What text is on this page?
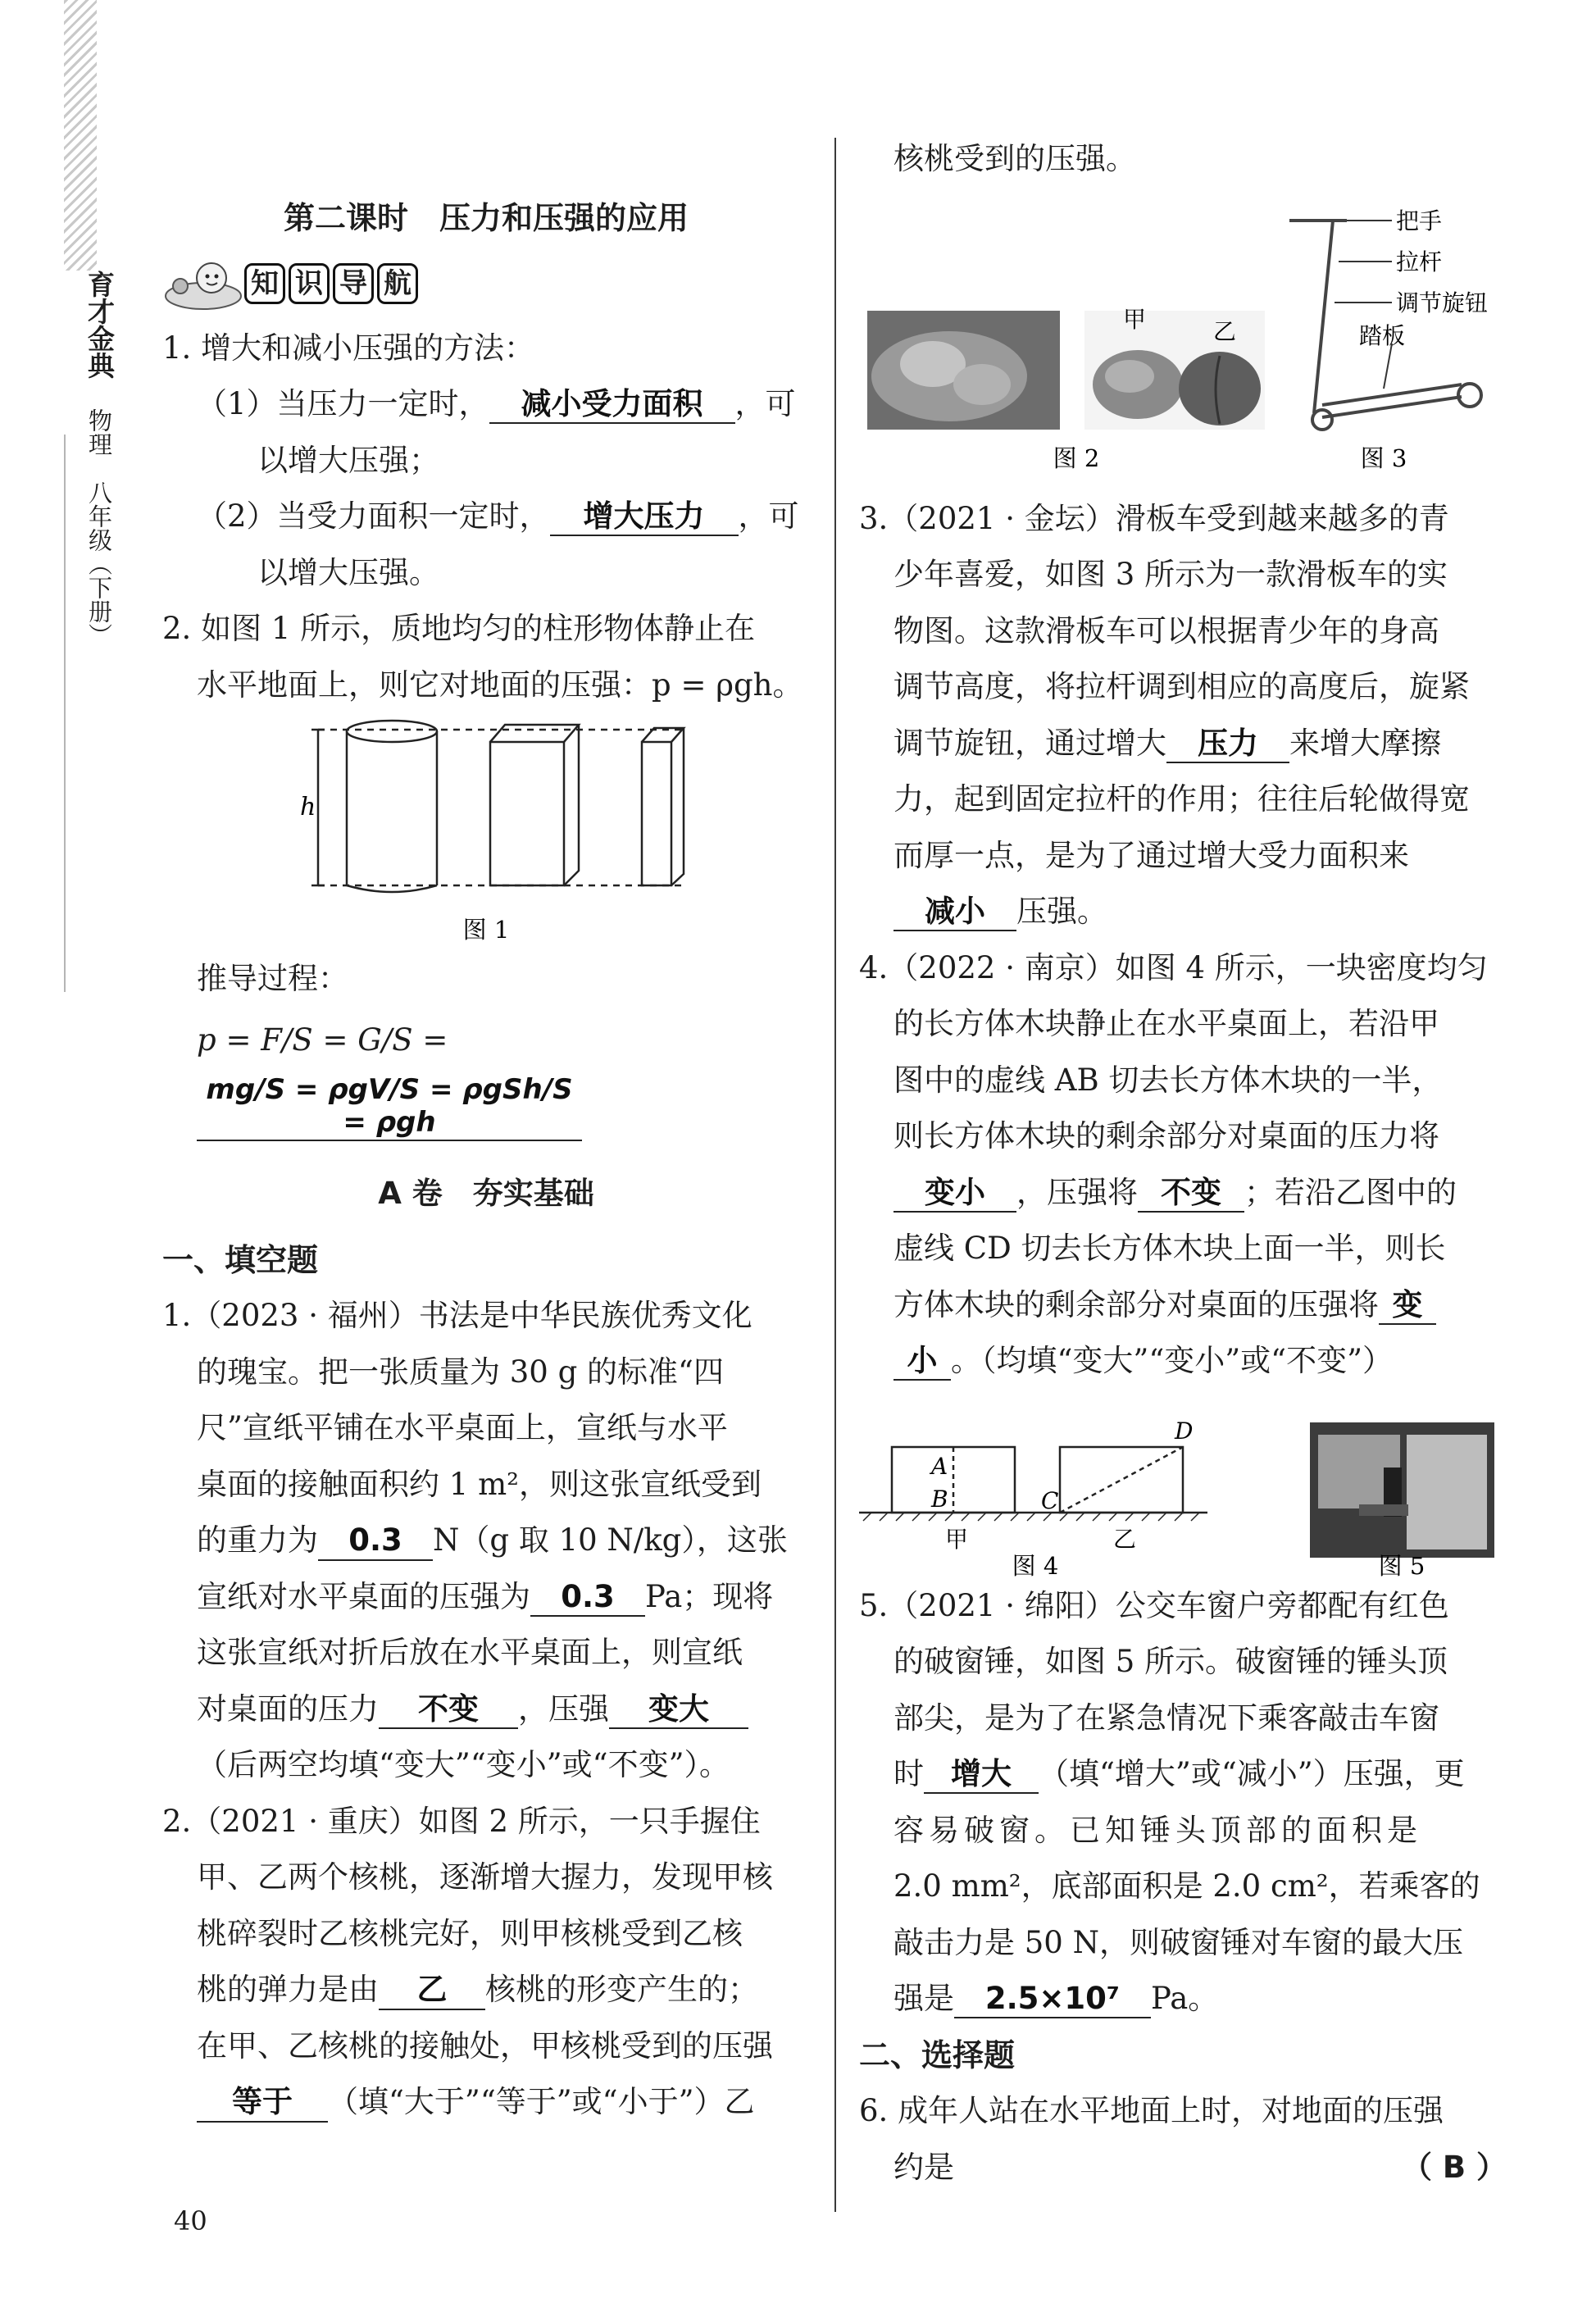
育才金典
物理
八年级（下册）

第二课时　压力和压强的应用

知 识 导 航

1. 增大和减小压强的方法：

（1）当压力一定时， 减小受力面积 ，可

以增大压强；

（2）当受力面积一定时， 增大压力 ，可

以增大压强。

2. 如图 1 所示，质地均匀的柱形物体静止在

水平地面上，则它对地面的压强：p = ρgh。

h
图 1

推导过程：

p = F/S = G/S = mg/S = ρgV/S = ρgSh/S = ρgh

A 卷　夯实基础

一、填空题

1.（2023 · 福州）书法是中华民族优秀文化

的瑰宝。把一张质量为 30 g 的标准“四

尺”宣纸平铺在水平桌面上，宣纸与水平

桌面的接触面积约 1 m²，则这张宣纸受到

的重力为 0.3 N（g 取 10 N/kg），这张

宣纸对水平桌面的压强为 0.3 Pa；现将

这张宣纸对折后放在水平桌面上，则宣纸

对桌面的压力 不变 ，压强 变大

（后两空均填“变大”“变小”或“不变”）。

2.（2021 · 重庆）如图 2 所示，一只手握住

甲、乙两个核桃，逐渐增大握力，发现甲核

桃碎裂时乙核桃完好，则甲核桃受到乙核

桃的弹力是由 乙 核桃的形变产生的；

在甲、乙核桃的接触处，甲核桃受到的压强

等于 （填“大于”“等于”或“小于”）乙

核桃受到的压强。

甲	乙
图 2
把手
拉杆
调节旋钮
踏板
图 3

3.（2021 · 金坛）滑板车受到越来越多的青

少年喜爱，如图 3 所示为一款滑板车的实

物图。这款滑板车可以根据青少年的身高

调节高度，将拉杆调到相应的高度后，旋紧

调节旋钮，通过增大 压力 来增大摩擦

力，起到固定拉杆的作用；往往后轮做得宽

而厚一点，是为了通过增大受力面积来

减小 压强。

4.（2022 · 南京）如图 4 所示，一块密度均匀

的长方体木块静止在水平桌面上，若沿甲

图中的虚线 AB 切去长方体木块的一半，

则长方体木块的剩余部分对桌面的压力将

变小 ，压强将 不变 ；若沿乙图中的

虚线 CD 切去长方体木块上面一半，则长

方体木块的剩余部分对桌面的压强将 变

小 。（均填“变大”“变小”或“不变”）

A
B	C
D
甲	乙
图 4	图 5

5.（2021 · 绵阳）公交车窗户旁都配有红色

的破窗锤，如图 5 所示。破窗锤的锤头顶

部尖，是为了在紧急情况下乘客敲击车窗

时 增大 （填“增大”或“减小”）压强，更

容易破窗。已知锤头顶部的面积是

2.0 mm²，底部面积是 2.0 cm²，若乘客的

敲击力是 50 N，则破窗锤对车窗的最大压

强是 2.5×10⁷ Pa。

二、选择题

6. 成年人站在水平地面上时，对地面的压强

约是	（ B ）

40
